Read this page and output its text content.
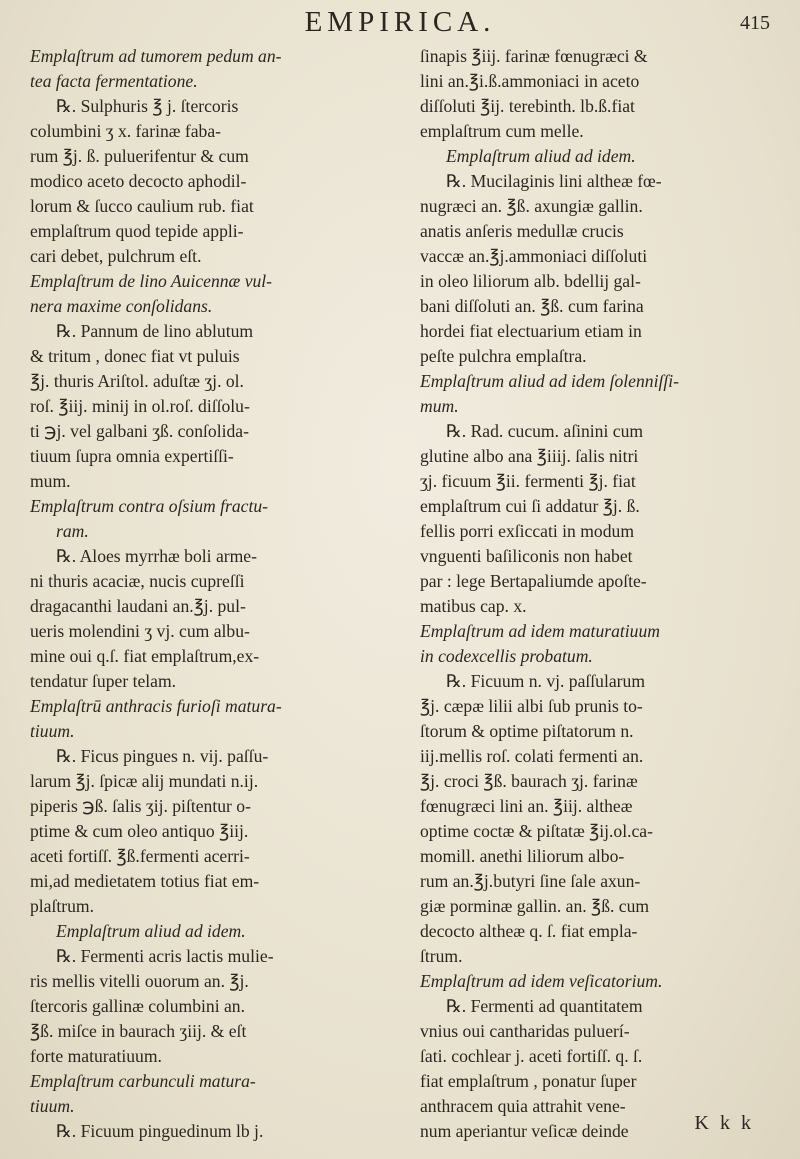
EMPIRICA.	415
Emplaſtrum ad tumorem pedum an-
tea facta fermentatione.
℞. Sulphuris ℥ j. ſtercoris
columbini ʒ x. farinæ faba-
rum ℥j. ß. puluerifentur & cum
modico aceto decocto aphodil-
lorum & ſucco caulium rub. fiat
emplaſtrum quod tepide appli-
cari debet, pulchrum eſt.
Emplaſtrum de lino Auicennæ vul-
nera maxime conſolidans.
℞. Pannum de lino ablutum
& tritum , donec fiat vt puluis
℥j. thuris Ariſtol. aduſtæ ʒj. ol.
roſ. ℥iij. minij in ol.roſ. diſſolu-
ti ℈j. vel galbani ʒß. conſolida-
tiuum ſupra omnia expertiſſi-
mum.
Emplaſtrum contra oſsium fractu-
ram.
℞. Aloes myrrhæ boli arme-
ni thuris acaciæ, nucis cupreſſi
dragacanthi laudani an.℥j. pul-
ueris molendini ʒ vj. cum albu-
mine oui q.ſ. fiat emplaſtrum,ex-
tendatur ſuper telam.
Emplaſtrū anthracis furioſi matura-
tiuum.
℞. Ficus pingues n. vij. paſſu-
larum ℥j. ſpicæ alij mundati n.ij.
piperis ℈ß. ſalis ʒij. piſtentur o-
ptime & cum oleo antiquo ℥iij.
aceti fortiſſ. ℥ß.fermenti acerri-
mi,ad medietatem totius fiat em-
plaſtrum.
Emplaſtrum aliud ad idem.
℞. Fermenti acris lactis mulie-
ris mellis vitelli ouorum an. ℥j.
ſtercoris gallinæ columbini an.
℥ß. miſce in baurach ʒiij. & eſt
forte maturatiuum.
Emplaſtrum carbunculi matura-
tiuum.
℞. Ficuum pinguedinum lb j.
ſinapis ℥iij. farinæ fœnugræci &
lini an.℥i.ß.ammoniaci in aceto
diſſoluti ℥ij. terebinth. lb.ß.fiat
emplaſtrum cum melle.
Emplaſtrum aliud ad idem.
℞. Mucilaginis lini altheæ fœ-
nugræci an. ℥ß. axungiæ gallin.
anatis anſeris medullæ crucis
vaccæ an.℥j.ammoniaci diſſoluti
in oleo liliorum alb. bdellij gal-
bani diſſoluti an. ℥ß. cum farina
hordei fiat electuarium etiam in
peſte pulchra emplaſtra.
Emplaſtrum aliud ad idem ſolenniſſi-
mum.
℞. Rad. cucum. aſinini cum
glutine albo ana ℥iiij. ſalis nitri
ʒj. ficuum ℥ii. fermenti ℥j. fiat
emplaſtrum cui ſi addatur ℥j. ß.
fellis porri exſiccati in modum
vnguenti baſiliconis non habet
par : lege Bertapaliumde apoſte-
matibus cap. x.
Emplaſtrum ad idem maturatiuum
in codexcellis probatum.
℞. Ficuum n. vj. paſſularum
℥j. cæpæ lilii albi ſub prunis to-
ſtorum & optime piſtatorum n.
iij.mellis roſ. colati fermenti an.
℥j. croci ℥ß. baurach ʒj. farinæ
fœnugræci lini an. ℥iij. altheæ
optime coctæ & piſtatæ ℥ij.ol.ca-
momill. anethi liliorum albo-
rum an.℥j.butyri ſine ſale axun-
giæ porminæ gallin. an. ℥ß. cum
decocto altheæ q. ſ. fiat empla-
ſtrum.
Emplaſtrum ad idem veſicatorium.
℞. Fermenti ad quantitatem
vnius oui cantharidas puluerí-
ſati. cochlear j. aceti fortiſſ. q. ſ.
fiat emplaſtrum , ponatur ſuper
anthracem quia attrahit vene-
num aperiantur veſicæ deinde	K k k
